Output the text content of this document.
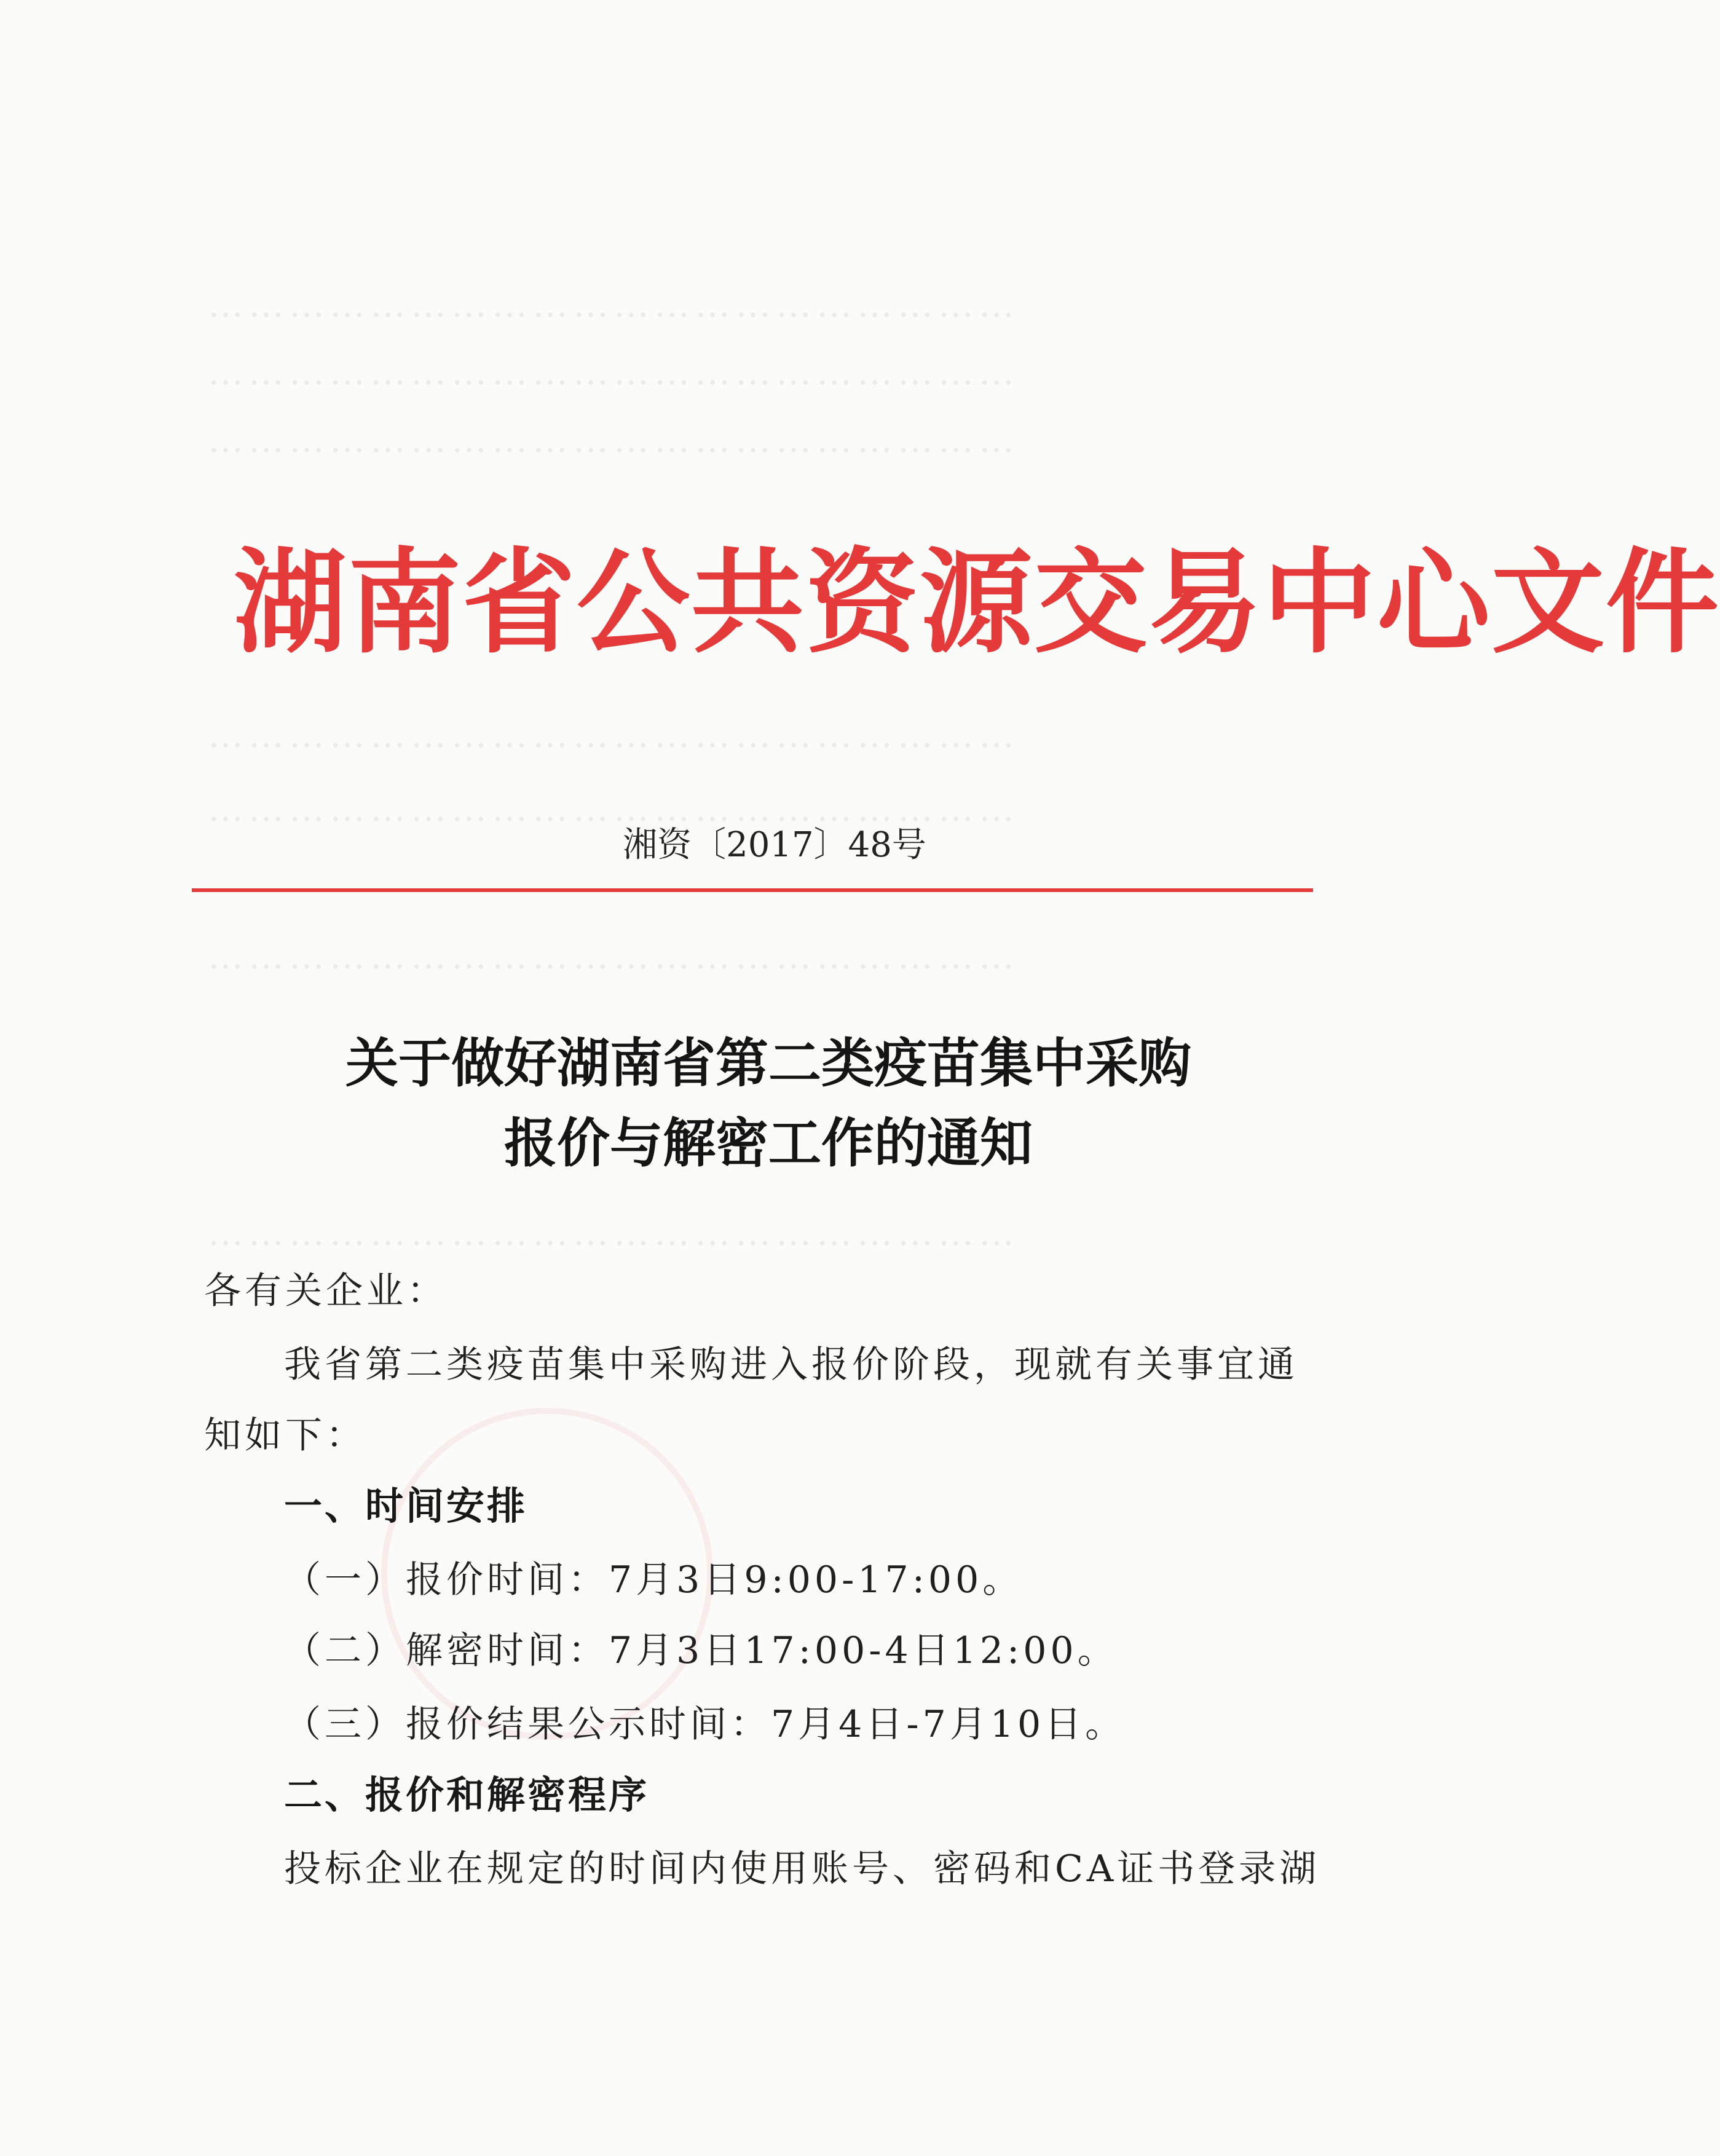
……………………………………………………
……………………………………………………
……………………………………………………
……………………………………………………
……………………………………………………
……………………………………………………
……………………………………………………
湖南省公共资源交易中心文件
湘资〔2017〕48号
关于做好湖南省第二类疫苗集中采购
报价与解密工作的通知
各有关企业：
我省第二类疫苗集中采购进入报价阶段，现就有关事宜通
知如下：
一、时间安排
（一）报价时间：7月3日9:00-17:00。
（二）解密时间：7月3日17:00-4日12:00。
（三）报价结果公示时间：7月4日-7月10日。
二、报价和解密程序
投标企业在规定的时间内使用账号、密码和CA证书登录湖
